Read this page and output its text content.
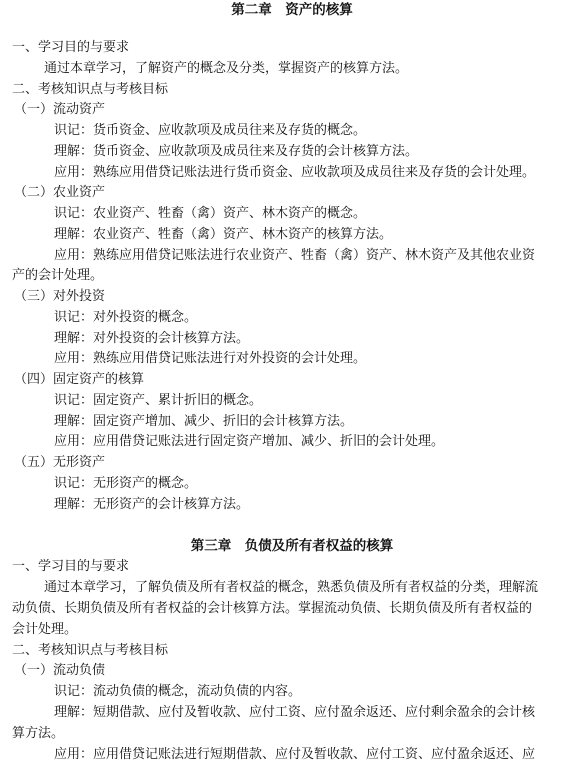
第二章　资产的核算
一、学习目的与要求
通过本章学习，了解资产的概念及分类，掌握资产的核算方法。
二、考核知识点与考核目标
（一）流动资产
识记：货币资金、应收款项及成员往来及存货的概念。
理解：货币资金、应收款项及成员往来及存货的会计核算方法。
应用：熟练应用借贷记账法进行货币资金、应收款项及成员往来及存货的会计处理。
（二）农业资产
识记：农业资产、牲畜（禽）资产、林木资产的概念。
理解：农业资产、牲畜（禽）资产、林木资产的核算方法。
应用：熟练应用借贷记账法进行农业资产、牲畜（禽）资产、林木资产及其他农业资
产的会计处理。
（三）对外投资
识记：对外投资的概念。
理解：对外投资的会计核算方法。
应用：熟练应用借贷记账法进行对外投资的会计处理。
（四）固定资产的核算
识记：固定资产、累计折旧的概念。
理解：固定资产增加、减少、折旧的会计核算方法。
应用：应用借贷记账法进行固定资产增加、减少、折旧的会计处理。
（五）无形资产
识记：无形资产的概念。
理解：无形资产的会计核算方法。
第三章　负债及所有者权益的核算
一、学习目的与要求
通过本章学习，了解负债及所有者权益的概念，熟悉负债及所有者权益的分类，理解流
动负债、长期负债及所有者权益的会计核算方法。掌握流动负债、长期负债及所有者权益的
会计处理。
二、考核知识点与考核目标
（一）流动负债
识记：流动负债的概念，流动负债的内容。
理解：短期借款、应付及暂收款、应付工资、应付盈余返还、应付剩余盈余的会计核
算方法。
应用：应用借贷记账法进行短期借款、应付及暂收款、应付工资、应付盈余返还、应
